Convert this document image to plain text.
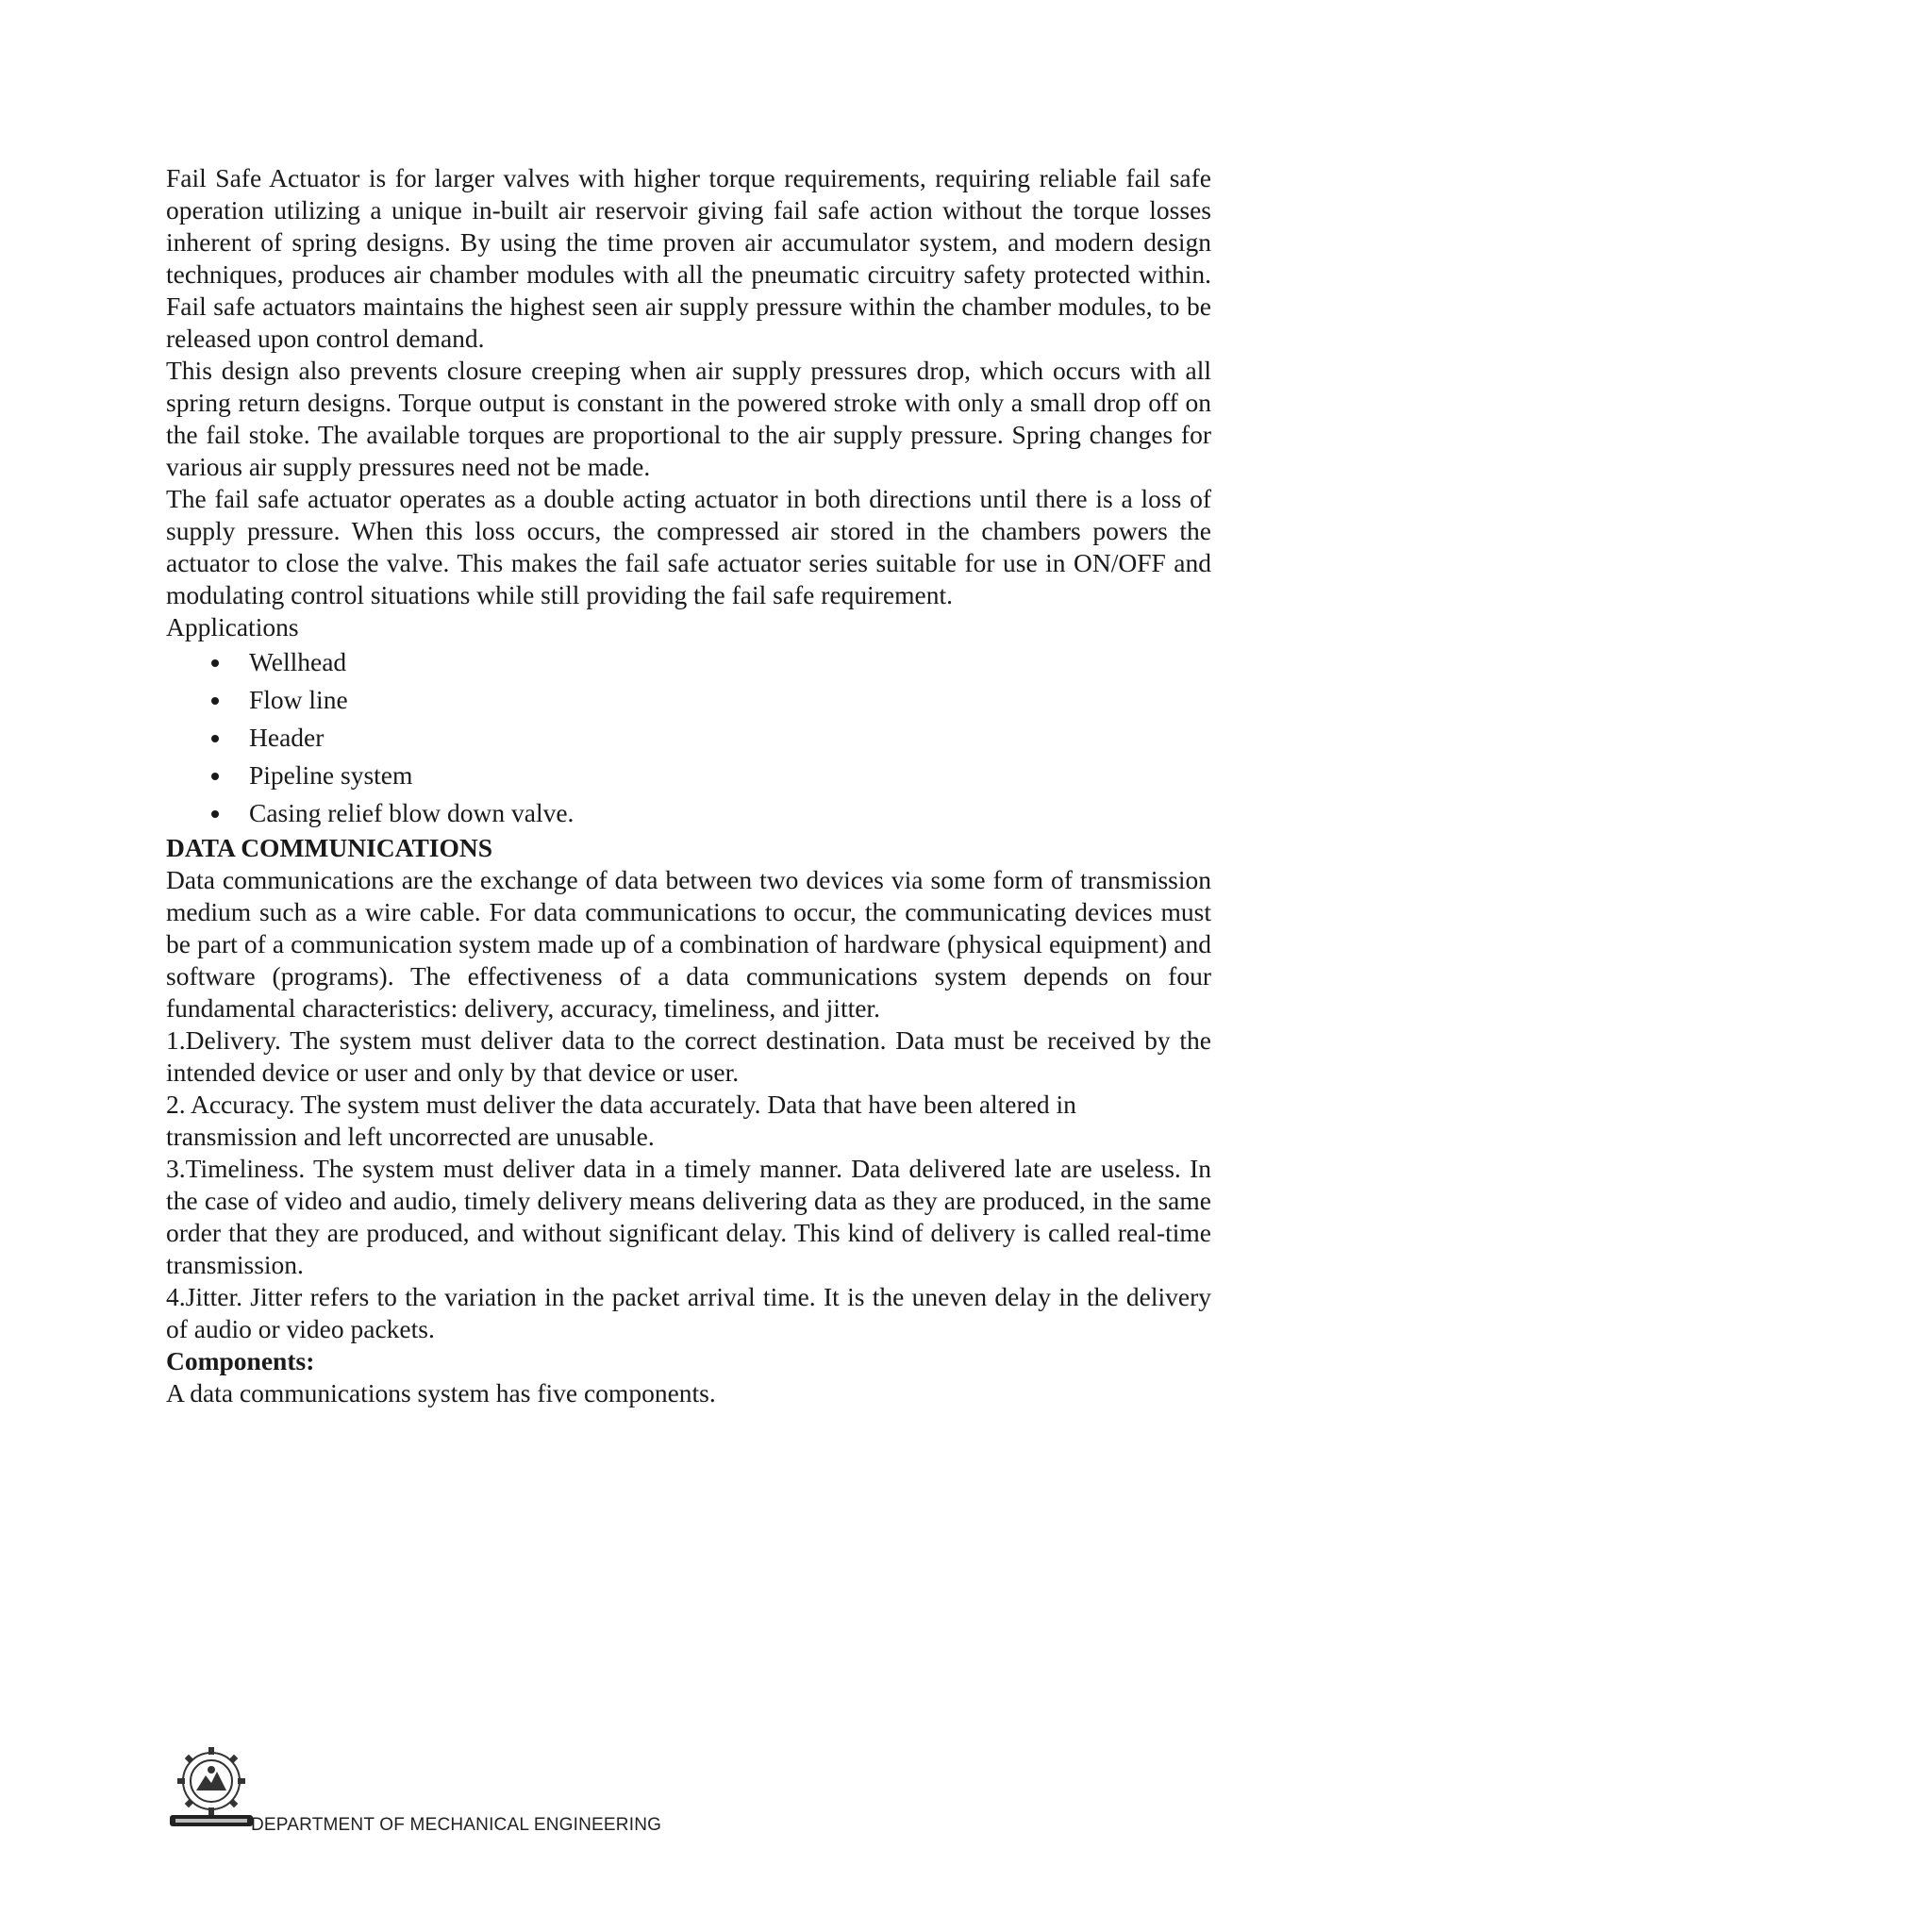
Fail Safe Actuator is for larger valves with higher torque requirements, requiring reliable fail safe operation utilizing a unique in-built air reservoir giving fail safe action without the torque losses inherent of spring designs. By using the time proven air accumulator system, and modern design techniques, produces air chamber modules with all the pneumatic circuitry safety protected within. Fail safe actuators maintains the highest seen air supply pressure within the chamber modules, to be released upon control demand.

This design also prevents closure creeping when air supply pressures drop, which occurs with all spring return designs. Torque output is constant in the powered stroke with only a small drop off on the fail stoke. The available torques are proportional to the air supply pressure. Spring changes for various air supply pressures need not be made.

The fail safe actuator operates as a double acting actuator in both directions until there is a loss of supply pressure. When this loss occurs, the compressed air stored in the chambers powers the actuator to close the valve. This makes the fail safe actuator series suitable for use in ON/OFF and modulating control situations while still providing the fail safe requirement.

Applications

Wellhead
Flow line
Header
Pipeline system
Casing relief blow down valve.

DATA COMMUNICATIONS

Data communications are the exchange of data between two devices via some form of transmission medium such as a wire cable. For data communications to occur, the communicating devices must be part of a communication system made up of a combination of hardware (physical equipment) and software (programs). The effectiveness of a data communications system depends on four fundamental characteristics: delivery, accuracy, timeliness, and jitter.

1.Delivery. The system must deliver data to the correct destination. Data must be received by the intended device or user and only by that device or user.

2. Accuracy. The system must deliver the data accurately. Data that have been altered in transmission and left uncorrected are unusable.

3.Timeliness. The system must deliver data in a timely manner. Data delivered late are useless. In the case of video and audio, timely delivery means delivering data as they are produced, in the same order that they are produced, and without significant delay. This kind of delivery is called real-time transmission.

4.Jitter. Jitter refers to the variation in the packet arrival time. It is the uneven delay in the delivery of audio or video packets.

Components:

A data communications system has five components.

DEPARTMENT OF MECHANICAL ENGINEERING
